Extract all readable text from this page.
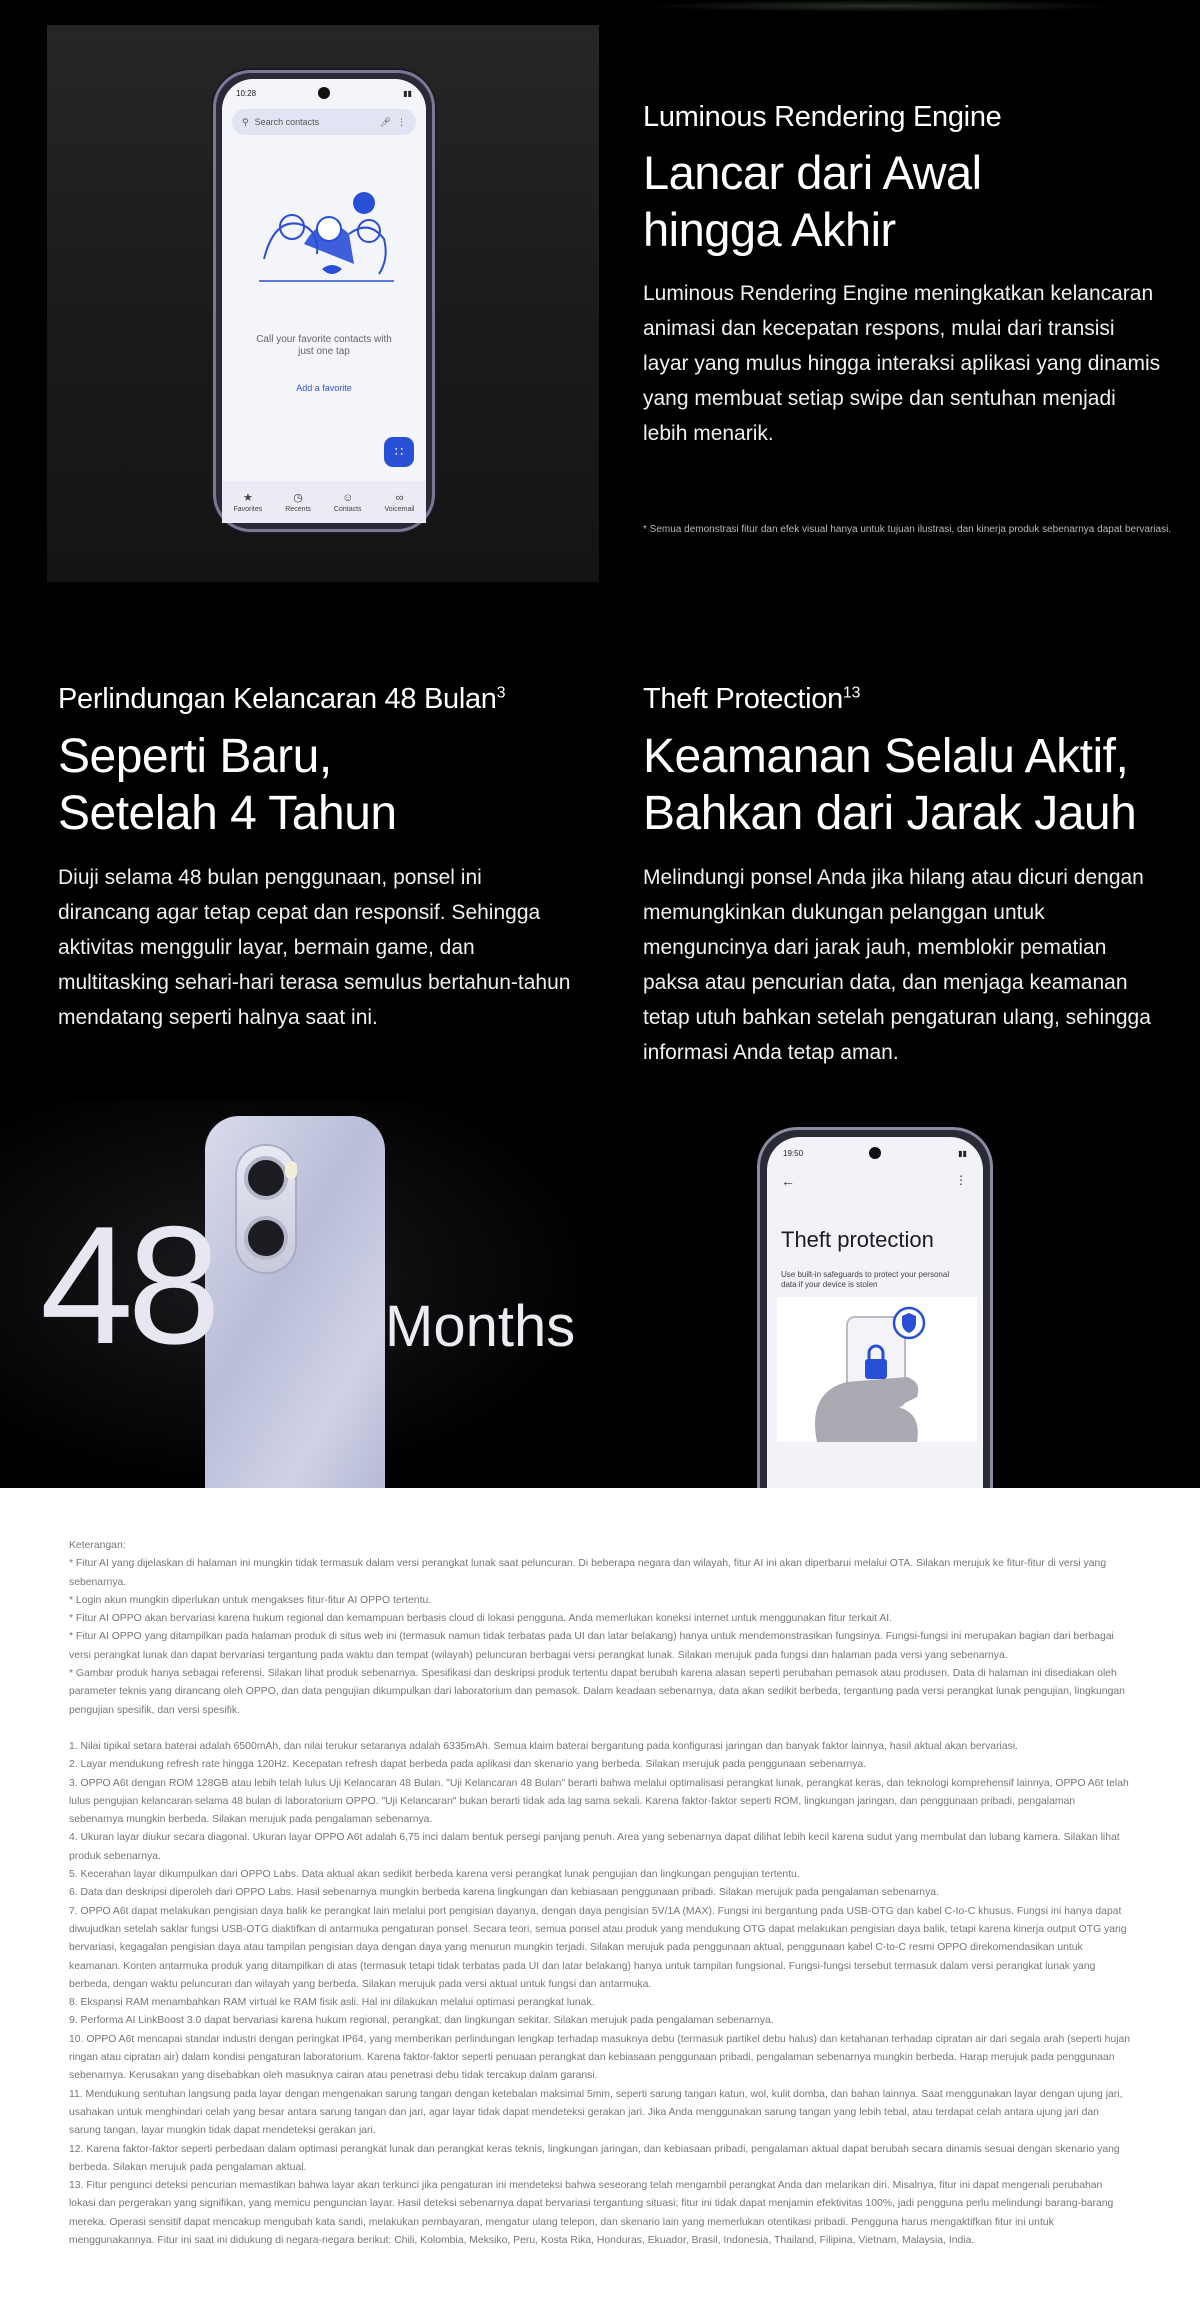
10:28	▮▮
⚲ Search contacts	🎤︎ ⋮
Call your favorite contacts with just one tap
Add a favorite
∷
★
Favorites
◷
Recents
☺
Contacts
∞
Voicemail
Luminous Rendering Engine
Lancar dari Awal
hingga Akhir
Luminous Rendering Engine meningkatkan kelancaran animasi dan kecepatan respons, mulai dari transisi layar yang mulus hingga interaksi aplikasi yang dinamis yang membuat setiap swipe dan sentuhan menjadi lebih menarik.
* Semua demonstrasi fitur dan efek visual hanya untuk tujuan ilustrasi, dan kinerja produk sebenarnya dapat bervariasi.
Perlindungan Kelancaran 48 Bulan$^3$
Seperti Baru,
Setelah 4 Tahun
Diuji selama 48 bulan penggunaan, ponsel ini dirancang agar tetap cepat dan responsif. Sehingga aktivitas menggulir layar, bermain game, dan multitasking sehari-hari terasa semulus bertahun-tahun mendatang seperti halnya saat ini.
Theft Protection$^{13}$
Keamanan Selalu Aktif,
Bahkan dari Jarak Jauh
Melindungi ponsel Anda jika hilang atau dicuri dengan memungkinkan dukungan pelanggan untuk menguncinya dari jarak jauh, memblokir pematian paksa atau pencurian data, dan menjaga keamanan tetap utuh bahkan setelah pengaturan ulang, sehingga informasi Anda tetap aman.
48	Months
19:50	▮▮
←	⋮
Theft protection
Use built-in safeguards to protect your personal data if your device is stolen

Keterangan:

* Fitur AI yang dijelaskan di halaman ini mungkin tidak termasuk dalam versi perangkat lunak saat peluncuran. Di beberapa negara dan wilayah, fitur AI ini akan diperbarui melalui OTA. Silakan merujuk ke fitur-fitur di versi yang sebenarnya.

* Login akun mungkin diperlukan untuk mengakses fitur-fitur AI OPPO tertentu.

* Fitur AI OPPO akan bervariasi karena hukum regional dan kemampuan berbasis cloud di lokasi pengguna. Anda memerlukan koneksi internet untuk menggunakan fitur terkait AI.

* Fitur AI OPPO yang ditampilkan pada halaman produk di situs web ini (termasuk namun tidak terbatas pada UI dan latar belakang) hanya untuk mendemonstrasikan fungsinya. Fungsi-fungsi ini merupakan bagian dari berbagai versi perangkat lunak dan dapat bervariasi tergantung pada waktu dan tempat (wilayah) peluncuran berbagai versi perangkat lunak. Silakan merujuk pada fungsi dan halaman pada versi yang sebenarnya.

* Gambar produk hanya sebagai referensi. Silakan lihat produk sebenarnya. Spesifikasi dan deskripsi produk tertentu dapat berubah karena alasan seperti perubahan pemasok atau produsen. Data di halaman ini disediakan oleh parameter teknis yang dirancang oleh OPPO, dan data pengujian dikumpulkan dari laboratorium dan pemasok. Dalam keadaan sebenarnya, data akan sedikit berbeda, tergantung pada versi perangkat lunak pengujian, lingkungan pengujian spesifik, dan versi spesifik.

1. Nilai tipikal setara baterai adalah 6500mAh, dan nilai terukur setaranya adalah 6335mAh. Semua klaim baterai bergantung pada konfigurasi jaringan dan banyak faktor lainnya, hasil aktual akan bervariasi.

2. Layar mendukung refresh rate hingga 120Hz. Kecepatan refresh dapat berbeda pada aplikasi dan skenario yang berbeda. Silakan merujuk pada penggunaan sebenarnya.

3. OPPO A6t dengan ROM 128GB atau lebih telah lulus Uji Kelancaran 48 Bulan. "Uji Kelancaran 48 Bulan" berarti bahwa melalui optimalisasi perangkat lunak, perangkat keras, dan teknologi komprehensif lainnya, OPPO A6t telah lulus pengujian kelancaran selama 48 bulan di laboratorium OPPO. "Uji Kelancaran" bukan berarti tidak ada lag sama sekali. Karena faktor-faktor seperti ROM, lingkungan jaringan, dan penggunaan pribadi, pengalaman sebenarnya mungkin berbeda. Silakan merujuk pada pengalaman sebenarnya.

4. Ukuran layar diukur secara diagonal. Ukuran layar OPPO A6t adalah 6,75 inci dalam bentuk persegi panjang penuh. Area yang sebenarnya dapat dilihat lebih kecil karena sudut yang membulat dan lubang kamera. Silakan lihat produk sebenarnya.

5. Kecerahan layar dikumpulkan dari OPPO Labs. Data aktual akan sedikit berbeda karena versi perangkat lunak pengujian dan lingkungan pengujian tertentu.

6. Data dan deskripsi diperoleh dari OPPO Labs. Hasil sebenarnya mungkin berbeda karena lingkungan dan kebiasaan penggunaan pribadi. Silakan merujuk pada pengalaman sebenarnya.

7. OPPO A6t dapat melakukan pengisian daya balik ke perangkat lain melalui port pengisian dayanya, dengan daya pengisian 5V/1A (MAX). Fungsi ini bergantung pada USB-OTG dan kabel C-to-C khusus. Fungsi ini hanya dapat diwujudkan setelah saklar fungsi USB-OTG diaktifkan di antarmuka pengaturan ponsel. Secara teori, semua ponsel atau produk yang mendukung OTG dapat melakukan pengisian daya balik, tetapi karena kinerja output OTG yang bervariasi, kegagalan pengisian daya atau tampilan pengisian daya dengan daya yang menurun mungkin terjadi. Silakan merujuk pada penggunaan aktual, penggunaan kabel C-to-C resmi OPPO direkomendasikan untuk keamanan. Konten antarmuka produk yang ditampilkan di atas (termasuk tetapi tidak terbatas pada UI dan latar belakang) hanya untuk tampilan fungsional. Fungsi-fungsi tersebut termasuk dalam versi perangkat lunak yang berbeda, dengan waktu peluncuran dan wilayah yang berbeda. Silakan merujuk pada versi aktual untuk fungsi dan antarmuka.

8. Ekspansi RAM menambahkan RAM virtual ke RAM fisik asli. Hal ini dilakukan melalui optimasi perangkat lunak.

9. Performa AI LinkBoost 3.0 dapat bervariasi karena hukum regional, perangkat, dan lingkungan sekitar. Silakan merujuk pada pengalaman sebenarnya.

10. OPPO A6t mencapai standar industri dengan peringkat IP64, yang memberikan perlindungan lengkap terhadap masuknya debu (termasuk partikel debu halus) dan ketahanan terhadap cipratan air dari segala arah (seperti hujan ringan atau cipratan air) dalam kondisi pengaturan laboratorium. Karena faktor-faktor seperti penuaan perangkat dan kebiasaan penggunaan pribadi, pengalaman sebenarnya mungkin berbeda. Harap merujuk pada penggunaan sebenarnya. Kerusakan yang disebabkan oleh masuknya cairan atau penetrasi debu tidak tercakup dalam garansi.

11. Mendukung sentuhan langsung pada layar dengan mengenakan sarung tangan dengan ketebalan maksimal 5mm, seperti sarung tangan katun, wol, kulit domba, dan bahan lainnya. Saat menggunakan layar dengan ujung jari, usahakan untuk menghindari celah yang besar antara sarung tangan dan jari, agar layar tidak dapat mendeteksi gerakan jari. Jika Anda menggunakan sarung tangan yang lebih tebal, atau terdapat celah antara ujung jari dan sarung tangan, layar mungkin tidak dapat mendeteksi gerakan jari.

12. Karena faktor-faktor seperti perbedaan dalam optimasi perangkat lunak dan perangkat keras teknis, lingkungan jaringan, dan kebiasaan pribadi, pengalaman aktual dapat berubah secara dinamis sesuai dengan skenario yang berbeda. Silakan merujuk pada pengalaman aktual.

13. Fitur pengunci deteksi pencurian memastikan bahwa layar akan terkunci jika pengaturan ini mendeteksi bahwa seseorang telah mengambil perangkat Anda dan melarikan diri. Misalnya, fitur ini dapat mengenali perubahan lokasi dan pergerakan yang signifikan, yang memicu penguncian layar. Hasil deteksi sebenarnya dapat bervariasi tergantung situasi; fitur ini tidak dapat menjamin efektivitas 100%, jadi pengguna perlu melindungi barang-barang mereka. Operasi sensitif dapat mencakup mengubah kata sandi, melakukan pembayaran, mengatur ulang telepon, dan skenario lain yang memerlukan otentikasi pribadi. Pengguna harus mengaktifkan fitur ini untuk menggunakannya. Fitur ini saat ini didukung di negara-negara berikut: Chili, Kolombia, Meksiko, Peru, Kosta Rika, Honduras, Ekuador, Brasil, Indonesia, Thailand, Filipina, Vietnam, Malaysia, India.
